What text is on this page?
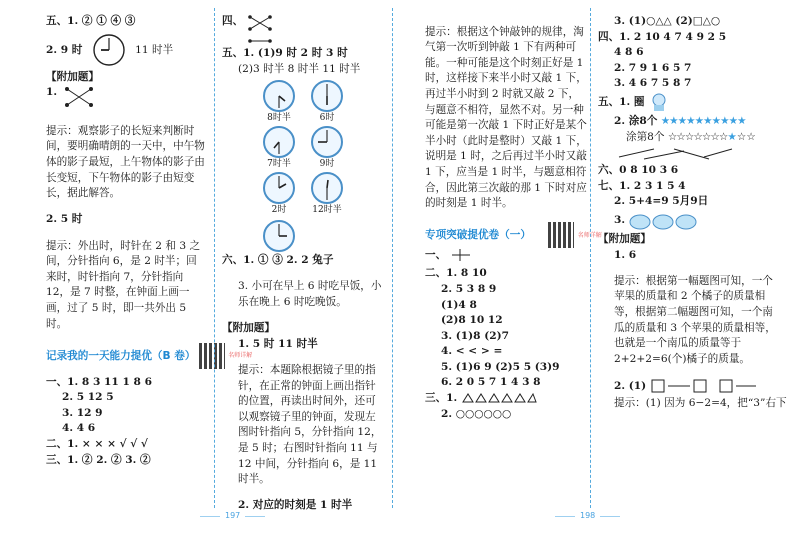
五、1. ② ① ④ ③

2. 9 时	11 时半

【附加题】

1.

提示：观察影子的长短来判断时间，要明确晴朗的一天中，中午物体的影子最短，上午物体的影子由长变短，下午物体的影子由短变长，据此解答。

2. 5 时

提示：外出时，时针在 2 和 3 之间，分针指向 6，是 2 时半；回来时，时针指向 7，分针指向 12，是 7 时整，在钟面上画一画，过了 5 时，即一共外出 5 时。

记录我的一天能力提优（B 卷）	名师详解

一、1. 8 3 11 1 8 6

2. 5 12 5

3. 12 9

4. 4 6

二、1. × × × √ √ √

三、1. ② 2. ② 3. ②

四、

五、1. (1)9 时 2 时 3 时

(2)3 时半 8 时半 11 时半

8时半	6时
7时半	9时
2时	12时半

六、1. ① ③ 2. 2 兔子

3. 小可在早上 6 时吃早饭，小乐在晚上 6 时吃晚饭。

【附加题】

1. 5 时 11 时半

提示：本题除根据镜子里的指针，在正常的钟面上画出指针的位置，再读出时间外，还可以观察镜子里的钟面，发现左图时针指向 5，分针指向 12，是 5 时；右图时针指向 11 与 12 中间，分针指向 6，是 11 时半。

2. 对应的时刻是 1 时半

提示：根据这个钟敲钟的规律，淘气第一次听到钟敲 1 下有两种可能。一种可能是这个时刻正好是 1 时，这样接下来半小时又敲 1 下，再过半小时到 2 时就又敲 2 下，与题意不相符，显然不对。另一种可能是第一次敲 1 下时正好是某个半小时（此时是整时）又敲 1 下，说明是 1 时，之后再过半小时又敲 1 下，应当是 1 时半，与题意相符合，因此第三次敲的那 1 下时对应的时刻是 1 时半。

专项突破提优卷（一）	名师详解
一、

二、1. 8 10

2. 5 3 8 9

(1)4 8

(2)8 10 12

3. (1)8 (2)7

4. < < > =

5. (1)6 9 (2)5 5 (3)9

6. 2 0 5 7 1 4 3 8

三、1.

2. ○○○○○○

3. (1)○△△ (2)□△○

四、1. 2 10 4 7 4 9 2 5

4 8 6

2. 7 9 1 6 5 7

3. 4 6 7 5 8 7

五、1. 圈
2. 涂8个 ★★★★★★★★★★
涂第8个 ☆☆☆☆☆☆☆★☆☆

六、0 8 10 3 6

七、1. 2 3 1 5 4

2. 5+4=9 5月9日

3.

【附加题】

1. 6

提示：根据第一幅题图可知，一个苹果的质量和 2 个橘子的质量相等，根据第二幅题图可知，一个南瓜的质量和 3 个苹果的质量相等，也就是一个南瓜的质量等于 2+2+2=6(个)橘子的质量。

2. (1)

提示：(1) 因为 6−2=4，把“3”右下

197	198
